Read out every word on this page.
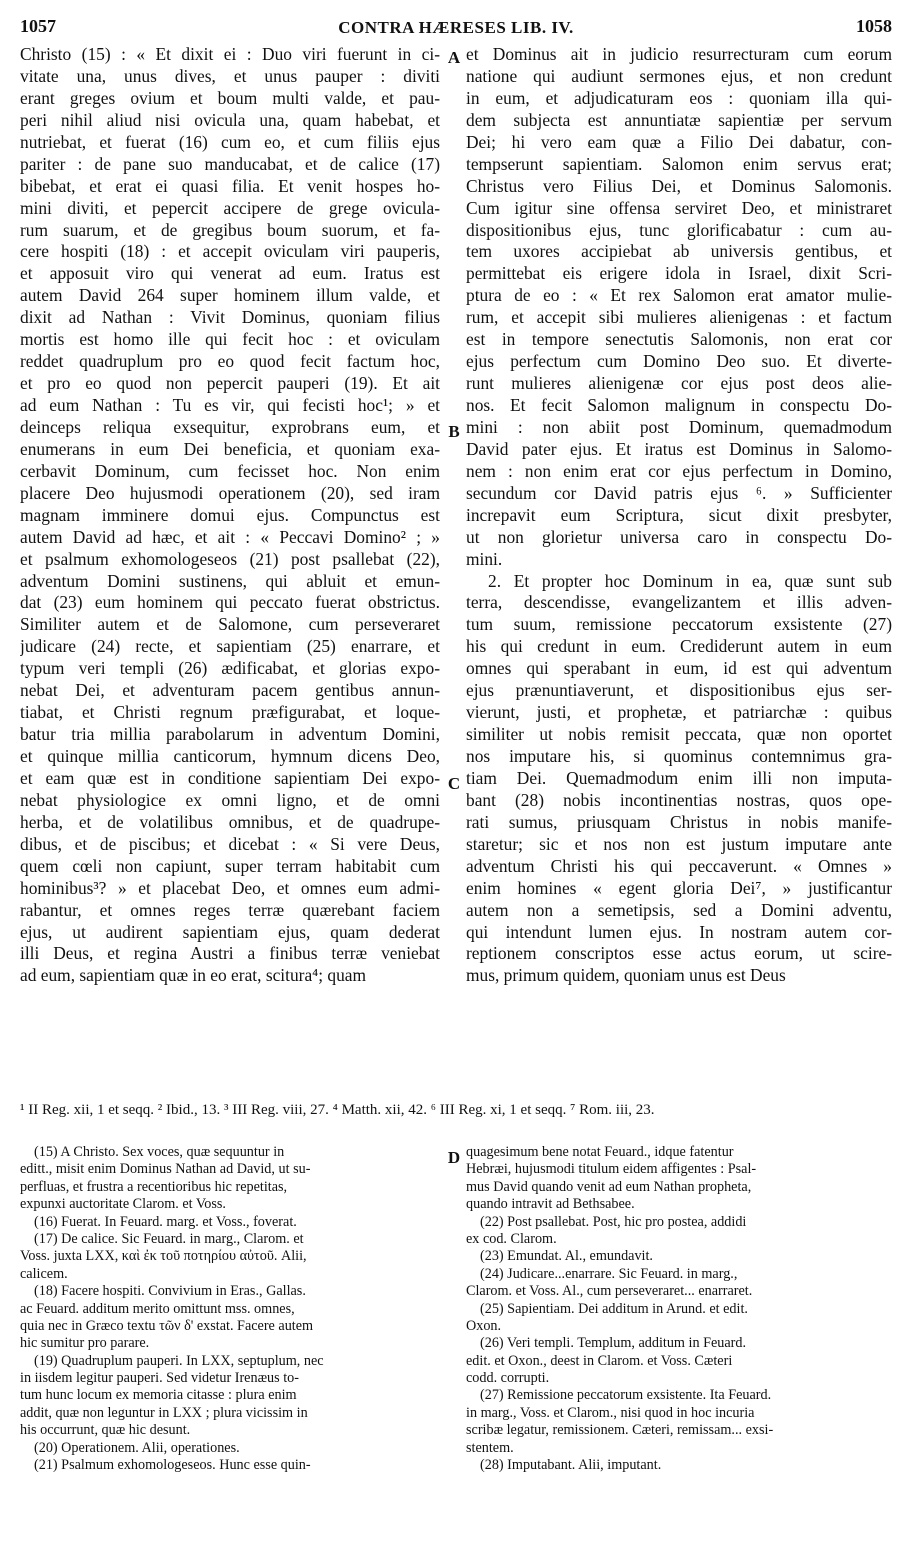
1057	CONTRA HÆRESES LIB. IV.	1058
Christo (15) : « Et dixit ei : Duo viri fuerunt in ci-
vitate una, unus dives, et unus pauper : diviti
erant greges ovium et boum multi valde, et pau-
peri nihil aliud nisi ovicula una, quam habebat, et
nutriebat, et fuerat (16) cum eo, et cum filiis ejus
pariter : de pane suo manducabat, et de calice (17)
bibebat, et erat ei quasi filia. Et venit hospes ho-
mini diviti, et pepercit accipere de grege ovicula-
rum suarum, et de gregibus boum suorum, et fa-
cere hospiti (18) : et accepit oviculam viri pauperis,
et apposuit viro qui venerat ad eum. Iratus est
autem David 264 super hominem illum valde, et
dixit ad Nathan : Vivit Dominus, quoniam filius
mortis est homo ille qui fecit hoc : et oviculam
reddet quadruplum pro eo quod fecit factum hoc,
et pro eo quod non pepercit pauperi (19). Et ait
ad eum Nathan : Tu es vir, qui fecisti hoc¹; » et
deinceps reliqua exsequitur, exprobrans eum, et
enumerans in eum Dei beneficia, et quoniam exa-
cerbavit Dominum, cum fecisset hoc. Non enim
placere Deo hujusmodi operationem (20), sed iram
magnam imminere domui ejus. Compunctus est
autem David ad hæc, et ait : « Peccavi Domino² ; »
et psalmum exhomologeseos (21) post psallebat (22),
adventum Domini sustinens, qui abluit et emun-
dat (23) eum hominem qui peccato fuerat obstrictus.
Similiter autem et de Salomone, cum perseveraret
judicare (24) recte, et sapientiam (25) enarrare, et
typum veri templi (26) ædificabat, et glorias expo-
nebat Dei, et adventuram pacem gentibus annun-
tiabat, et Christi regnum præfigurabat, et loque-
batur tria millia parabolarum in adventum Domini,
et quinque millia canticorum, hymnum dicens Deo,
et eam quæ est in conditione sapientiam Dei expo-
nebat physiologice ex omni ligno, et de omni
herba, et de volatilibus omnibus, et de quadrupe-
dibus, et de piscibus; et dicebat : « Si vere Deus,
quem cœli non capiunt, super terram habitabit cum
hominibus³? » et placebat Deo, et omnes eum admi-
rabantur, et omnes reges terræ quærebant faciem
ejus, ut audirent sapientiam ejus, quam dederat
illi Deus, et regina Austri a finibus terræ veniebat
ad eum, sapientiam quæ in eo erat, scitura⁴; quam
et Dominus ait in judicio resurrecturam cum eorum
natione qui audiunt sermones ejus, et non credunt
in eum, et adjudicaturam eos : quoniam illa qui-
dem subjecta est annuntiatæ sapientiæ per servum
Dei; hi vero eam quæ a Filio Dei dabatur, con-
tempserunt sapientiam. Salomon enim servus erat;
Christus vero Filius Dei, et Dominus Salomonis.
Cum igitur sine offensa serviret Deo, et ministraret
dispositionibus ejus, tunc glorificabatur : cum au-
tem uxores accipiebat ab universis gentibus, et
permittebat eis erigere idola in Israel, dixit Scri-
ptura de eo : « Et rex Salomon erat amator mulie-
rum, et accepit sibi mulieres alienigenas : et factum
est in tempore senectutis Salomonis, non erat cor
ejus perfectum cum Domino Deo suo. Et diverte-
runt mulieres alienigenæ cor ejus post deos alie-
nos. Et fecit Salomon malignum in conspectu Do-
mini : non abiit post Dominum, quemadmodum
David pater ejus. Et iratus est Dominus in Salomo-
nem : non enim erat cor ejus perfectum in Domino,
secundum cor David patris ejus ⁶. » Sufficienter
increpavit eum Scriptura, sicut dixit presbyter,
ut non glorietur universa caro in conspectu Do-
mini.
2. Et propter hoc Dominum in ea, quæ sunt sub
terra, descendisse, evangelizantem et illis adven-
tum suum, remissione peccatorum exsistente (27)
his qui credunt in eum. Crediderunt autem in eum
omnes qui sperabant in eum, id est qui adventum
ejus prænuntiaverunt, et dispositionibus ejus ser-
vierunt, justi, et prophetæ, et patriarchæ : quibus
similiter ut nobis remisit peccata, quæ non oportet
nos imputare his, si quominus contemnimus gra-
tiam Dei. Quemadmodum enim illi non imputa-
bant (28) nobis incontinentias nostras, quos ope-
rati sumus, priusquam Christus in nobis manife-
staretur; sic et nos non est justum imputare ante
adventum Christi his qui peccaverunt. « Omnes »
enim homines « egent gloria Dei⁷, » justificantur
autem non a semetipsis, sed a Domini adventu,
qui intendunt lumen ejus. In nostram autem cor-
reptionem conscriptos esse actus eorum, ut scire-
mus, primum quidem, quoniam unus est Deus
A
B
C
D
¹ II Reg. xii, 1 et seqq. ² Ibid., 13. ³ III Reg. viii, 27. ⁴ Matth. xii, 42. ⁶ III Reg. xi, 1 et seqq. ⁷ Rom. iii, 23.
(15) A Christo. Sex voces, quæ sequuntur in
editt., misit enim Dominus Nathan ad David, ut su-
perfluas, et frustra a recentioribus hic repetitas,
expunxi auctoritate Clarom. et Voss.
(16) Fuerat. In Feuard. marg. et Voss., foverat.
(17) De calice. Sic Feuard. in marg., Clarom. et
Voss. juxta LXX, καὶ ἐκ τοῦ ποτηρίου αὐτοῦ. Alii,
calicem.
(18) Facere hospiti. Convivium in Eras., Gallas.
ac Feuard. additum merito omittunt mss. omnes,
quia nec in Græco textu τῶν δ' exstat. Facere autem
hic sumitur pro parare.
(19) Quadruplum pauperi. In LXX, septuplum, nec
in iisdem legitur pauperi. Sed videtur Irenæus to-
tum hunc locum ex memoria citasse : plura enim
addit, quæ non leguntur in LXX ; plura vicissim in
his occurrunt, quæ hic desunt.
(20) Operationem. Alii, operationes.
(21) Psalmum exhomologeseos. Hunc esse quin-
quagesimum bene notat Feuard., idque fatentur
Hebræi, hujusmodi titulum eidem affigentes : Psal-
mus David quando venit ad eum Nathan propheta,
quando intravit ad Bethsabee.
(22) Post psallebat. Post, hic pro postea, addidi
ex cod. Clarom.
(23) Emundat. Al., emundavit.
(24) Judicare...enarrare. Sic Feuard. in marg.,
Clarom. et Voss. Al., cum perseveraret... enarraret.
(25) Sapientiam. Dei additum in Arund. et edit.
Oxon.
(26) Veri templi. Templum, additum in Feuard.
edit. et Oxon., deest in Clarom. et Voss. Cæteri
codd. corrupti.
(27) Remissione peccatorum exsistente. Ita Feuard.
in marg., Voss. et Clarom., nisi quod in hoc incuria
scribæ legatur, remissionem. Cæteri, remissam... exsi-
stentem.
(28) Imputabant. Alii, imputant.
